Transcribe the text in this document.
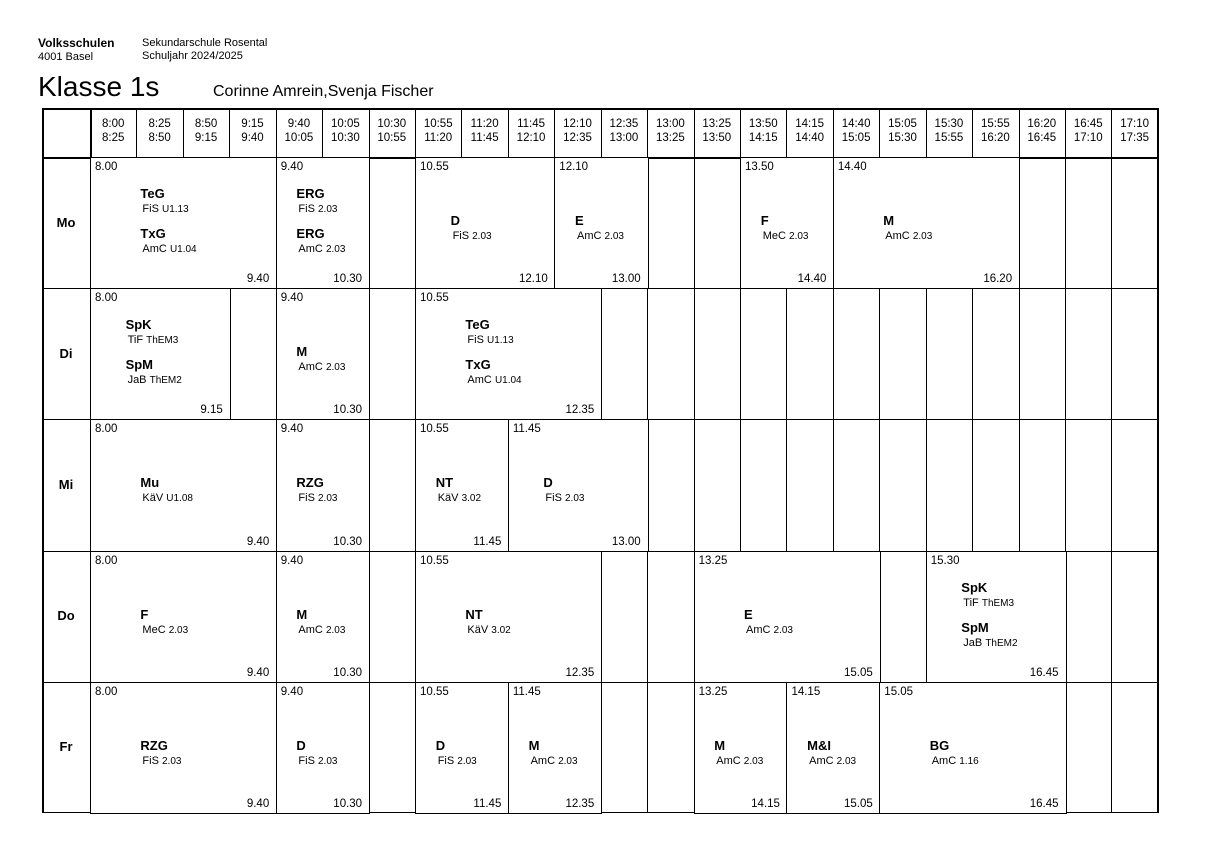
Volksschulen
4001 Basel
Sekundarschule Rosental
Schuljahr 2024/2025
Klasse 1s	Corinne Amrein,Svenja Fischer
8:00
8:25
8:25
8:50
8:50
9:15
9:15
9:40
9:40
10:05
10:05
10:30
10:30
10:55
10:55
11:20
11:20
11:45
11:45
12:10
12:10
12:35
12:35
13:00
13:00
13:25
13:25
13:50
13:50
14:15
14:15
14:40
14:40
15:05
15:05
15:30
15:30
15:55
15:55
16:20
16:20
16:45
16:45
17:10
17:10
17:35
Mo
8.00
9.40
TeG
FiS U1.13
TxG
AmC U1.04
9.40
10.30
ERG
FiS 2.03
ERG
AmC 2.03
10.55
12.10
D
FiS 2.03
12.10
13.00
E
AmC 2.03
13.50
14.40
F
MeC 2.03
14.40
16.20
M
AmC 2.03
Di
8.00
9.15
SpK
TiF ThEM3
SpM
JaB ThEM2
9.40
10.30
M
AmC 2.03
10.55
12.35
TeG
FiS U1.13
TxG
AmC U1.04
Mi
8.00
9.40
Mu
KäV U1.08
9.40
10.30
RZG
FiS 2.03
10.55
11.45
NT
KäV 3.02
11.45
13.00
D
FiS 2.03
Do
8.00
9.40
F
MeC 2.03
9.40
10.30
M
AmC 2.03
10.55
12.35
NT
KäV 3.02
13.25
15.05
E
AmC 2.03
15.30
16.45
SpK
TiF ThEM3
SpM
JaB ThEM2
Fr
8.00
9.40
RZG
FiS 2.03
9.40
10.30
D
FiS 2.03
10.55
11.45
D
FiS 2.03
11.45
12.35
M
AmC 2.03
13.25
14.15
M
AmC 2.03
14.15
15.05
M&I
AmC 2.03
15.05
16.45
BG
AmC 1.16
